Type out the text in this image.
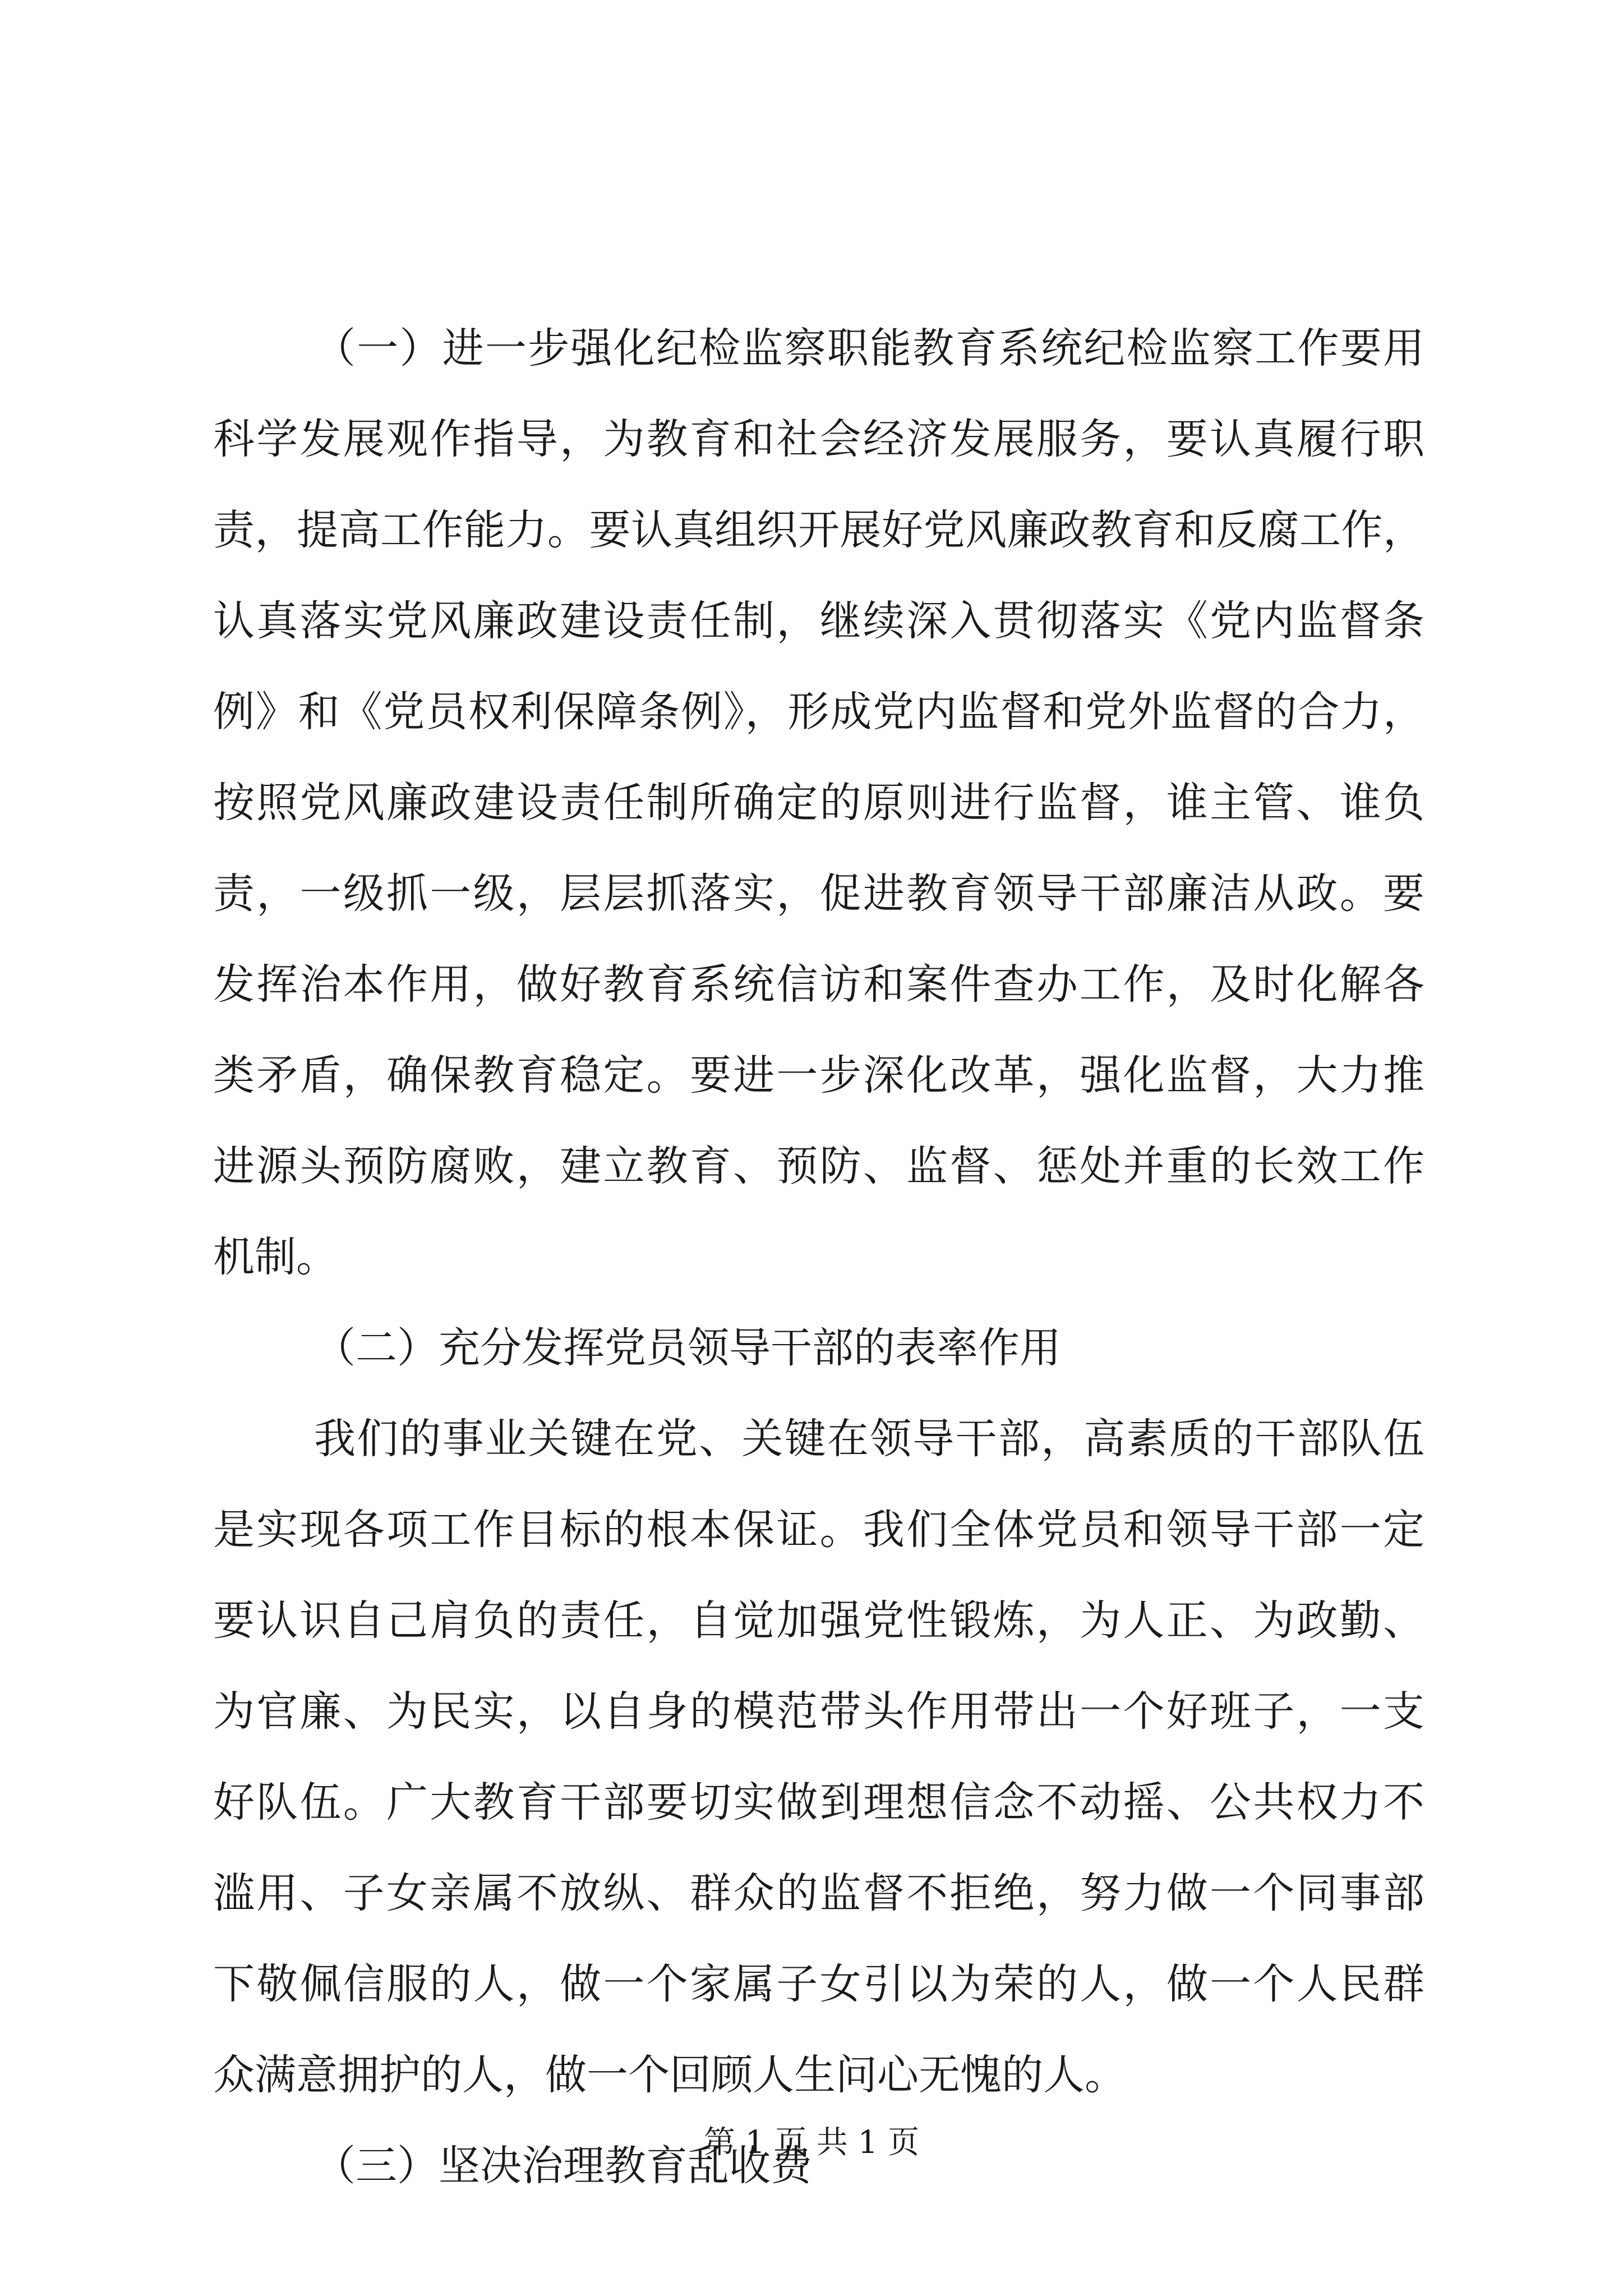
（一）进一步强化纪检监察职能教育系统纪检监察工作要用
科学发展观作指导，为教育和社会经济发展服务，要认真履行职
责，提高工作能力。要认真组织开展好党风廉政教育和反腐工作，
认真落实党风廉政建设责任制，继续深入贯彻落实《党内监督条
例》和《党员权利保障条例》，形成党内监督和党外监督的合力，
按照党风廉政建设责任制所确定的原则进行监督，谁主管、谁负
责，一级抓一级，层层抓落实，促进教育领导干部廉洁从政。要
发挥治本作用，做好教育系统信访和案件查办工作，及时化解各
类矛盾，确保教育稳定。要进一步深化改革，强化监督，大力推
进源头预防腐败，建立教育、预防、监督、惩处并重的长效工作
机制。
（二）充分发挥党员领导干部的表率作用
我们的事业关键在党、关键在领导干部，高素质的干部队伍
是实现各项工作目标的根本保证。我们全体党员和领导干部一定
要认识自己肩负的责任，自觉加强党性锻炼，为人正、为政勤、
为官廉、为民实，以自身的模范带头作用带出一个好班子，一支
好队伍。广大教育干部要切实做到理想信念不动摇、公共权力不
滥用、子女亲属不放纵、群众的监督不拒绝，努力做一个同事部
下敬佩信服的人，做一个家属子女引以为荣的人，做一个人民群
众满意拥护的人，做一个回顾人生问心无愧的人。
（三）坚决治理教育乱收费
第 1 页 共 1 页
